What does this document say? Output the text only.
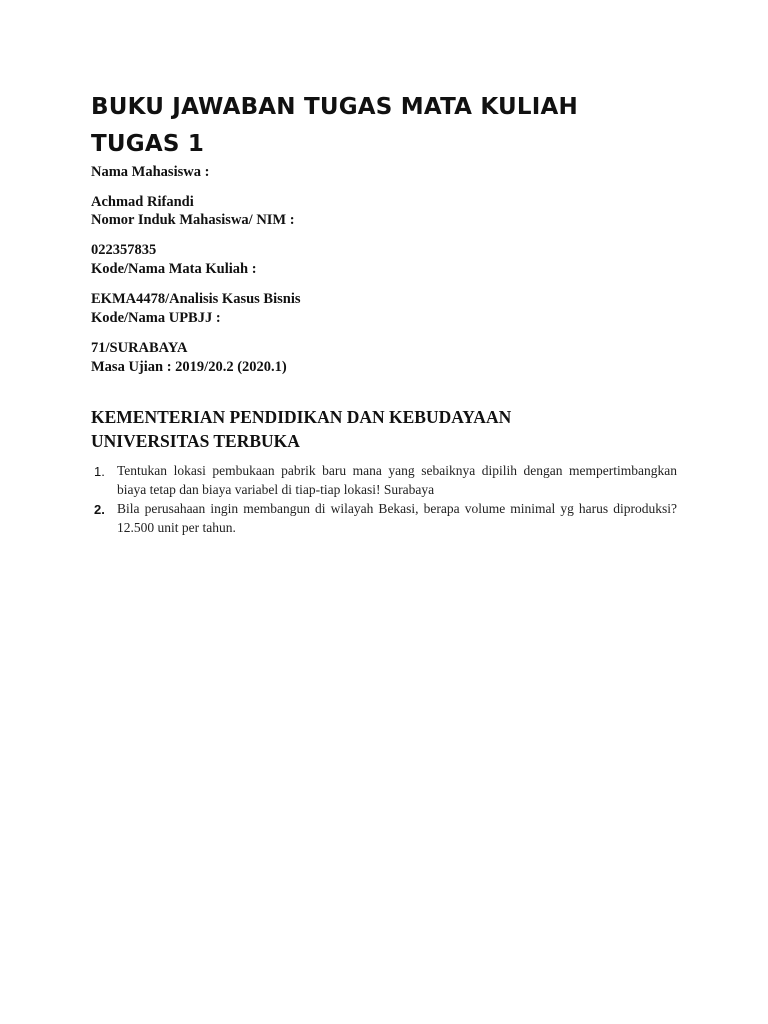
BUKU JAWABAN TUGAS MATA KULIAH
TUGAS 1

Nama Mahasiswa :

Achmad Rifandi

Nomor Induk Mahasiswa/ NIM :

022357835

Kode/Nama Mata Kuliah :

EKMA4478/Analisis Kasus Bisnis

Kode/Nama UPBJJ :

71/SURABAYA

Masa Ujian : 2019/20.2 (2020.1)

KEMENTERIAN PENDIDIKAN DAN KEBUDAYAAN

UNIVERSITAS TERBUKA

1. Tentukan lokasi pembukaan pabrik baru mana yang sebaiknya dipilih dengan mempertimbangkan biaya tetap dan biaya variabel di tiap-tiap lokasi! Surabaya
2. Bila perusahaan ingin membangun di wilayah Bekasi, berapa volume minimal yg harus diproduksi? 12.500 unit per tahun.
